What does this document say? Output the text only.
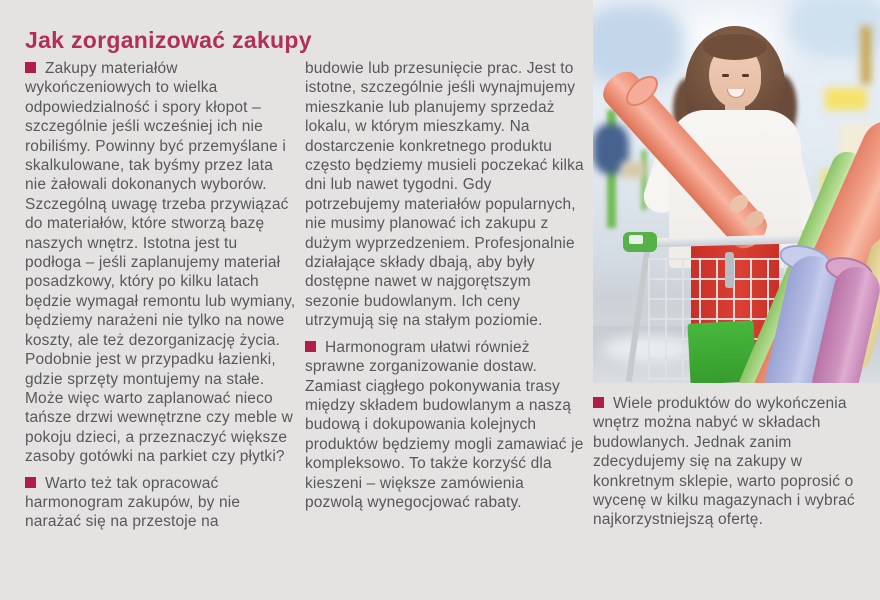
Jak zorganizować zakupy

Zakupy materiałów wykończeniowych to wielka odpowiedzialność i spory kłopot – szczególnie jeśli wcześniej ich nie robiliśmy. Powinny być przemyślane i skalkulowane, tak byśmy przez lata nie żałowali dokonanych wyborów. Szczególną uwagę trzeba przywiązać do materiałów, które stworzą bazę naszych wnętrz. Istotna jest tu podłoga – jeśli zaplanujemy materiał posadzkowy, który po kilku latach będzie wymagał remontu lub wymiany, będziemy narażeni nie tylko na nowe koszty, ale też dezorganizację życia. Podobnie jest w przypadku łazienki, gdzie sprzęty montujemy na stałe. Może więc warto zaplanować nieco tańsze drzwi wewnętrzne czy meble w pokoju dzieci, a przeznaczyć większe zasoby gotówki na parkiet czy płytki?

Warto też tak opracować harmonogram zakupów, by nie narażać się na przestoje na

budowie lub przesunięcie prac. Jest to istotne, szczególnie jeśli wynajmujemy mieszkanie lub planujemy sprzedaż lokalu, w którym mieszkamy. Na dostarczenie konkretnego produktu często będziemy musieli poczekać kilka dni lub nawet tygodni. Gdy potrzebujemy materiałów popularnych, nie musimy planować ich zakupu z dużym wyprzedzeniem. Profesjonalnie działające składy dbają, aby były dostępne nawet w najgorętszym sezonie budowlanym. Ich ceny utrzymują się na stałym poziomie.

Harmonogram ułatwi również sprawne zorganizowanie dostaw. Zamiast ciągłego pokonywania trasy między składem budowlanym a naszą budową i dokupowania kolejnych produktów będziemy mogli zamawiać je kompleksowo. To także korzyść dla kieszeni – większe zamówienia pozwolą wynegocjować rabaty.

Wiele produktów do wykończenia wnętrz można nabyć w składach budowlanych. Jednak zanim zdecydujemy się na zakupy w konkretnym sklepie, warto poprosić o wycenę w kilku magazynach i wybrać najkorzystniejszą ofertę.
